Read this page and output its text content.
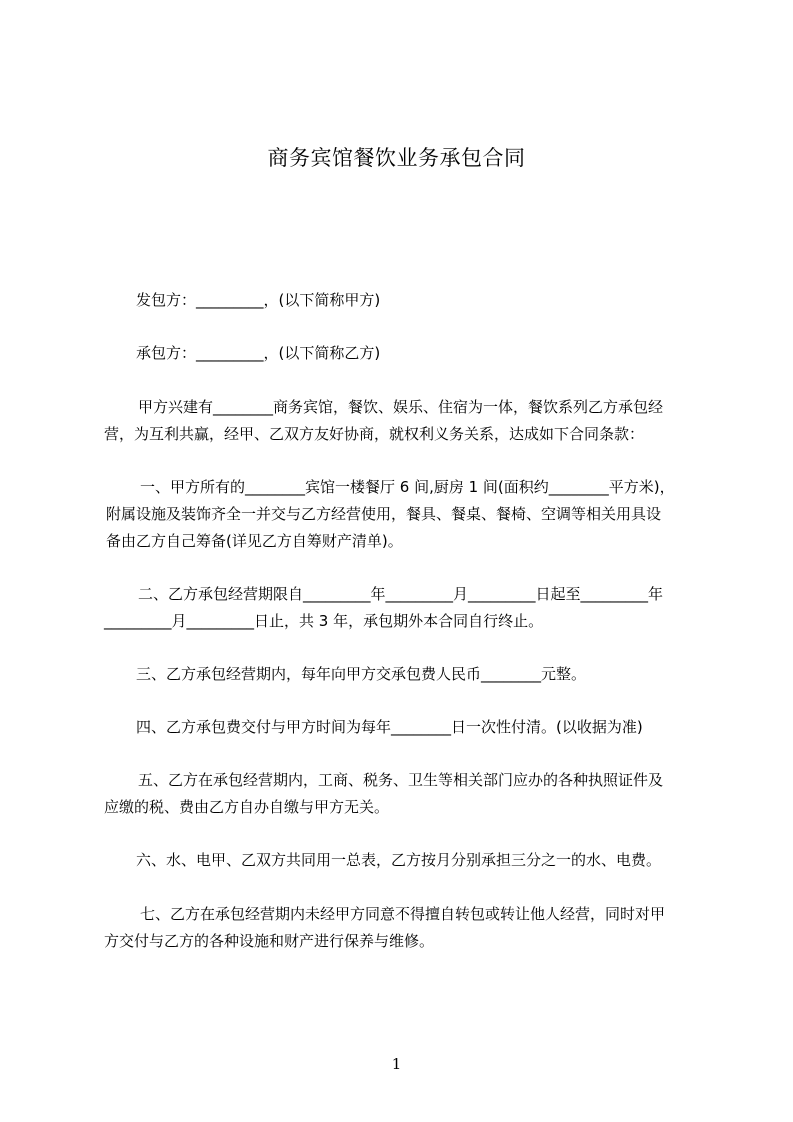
商务宾馆餐饮业务承包合同

发包方：_________，(以下简称甲方)

承包方：_________，(以下简称乙方)

甲方兴建有________商务宾馆，餐饮、娱乐、住宿为一体，餐饮系列乙方承包经

营，为互利共赢，经甲、乙双方友好协商，就权利义务关系，达成如下合同条款：

一、甲方所有的________宾馆一楼餐厅 6 间,厨房 1 间(面积约________平方米)，

附属设施及装饰齐全一并交与乙方经营使用，餐具、餐桌、餐椅、空调等相关用具设

备由乙方自己筹备(详见乙方自筹财产清单)。

二、乙方承包经营期限自_________年_________月_________日起至_________年

_________月_________日止，共 3 年，承包期外本合同自行终止。

三、乙方承包经营期内，每年向甲方交承包费人民币________元整。

四、乙方承包费交付与甲方时间为每年________日一次性付清。(以收据为准)

五、乙方在承包经营期内，工商、税务、卫生等相关部门应办的各种执照证件及

应缴的税、费由乙方自办自缴与甲方无关。

六、水、电甲、乙双方共同用一总表，乙方按月分别承担三分之一的水、电费。

七、乙方在承包经营期内未经甲方同意不得擅自转包或转让他人经营，同时对甲

方交付与乙方的各种设施和财产进行保养与维修。

1
